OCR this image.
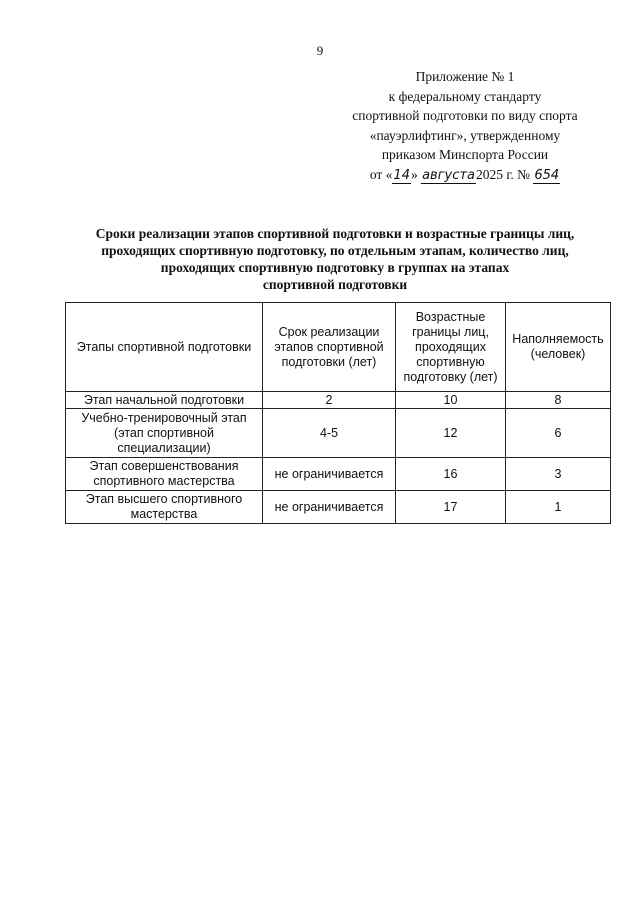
9
Приложение № 1
к федеральному стандарту
спортивной подготовки по виду спорта
«пауэрлифтинг», утвержденному
приказом Минспорта России
от «14» августа2025 г. № 654
Сроки реализации этапов спортивной подготовки и возрастные границы лиц,
проходящих спортивную подготовку, по отдельным этапам, количество лиц,
проходящих спортивную подготовку в группах на этапах
спортивной подготовки
Этапы спортивной подготовки	Срок реализации этапов спортивной подготовки (лет)	Возрастные границы лиц, проходящих спортивную подготовку (лет)	Наполняемость (человек)
Этап начальной подготовки	2	10	8
Учебно-тренировочный этап (этап спортивной специализации)	4-5	12	6
Этап совершенствования спортивного мастерства	не ограничивается	16	3
Этап высшего спортивного мастерства	не ограничивается	17	1
